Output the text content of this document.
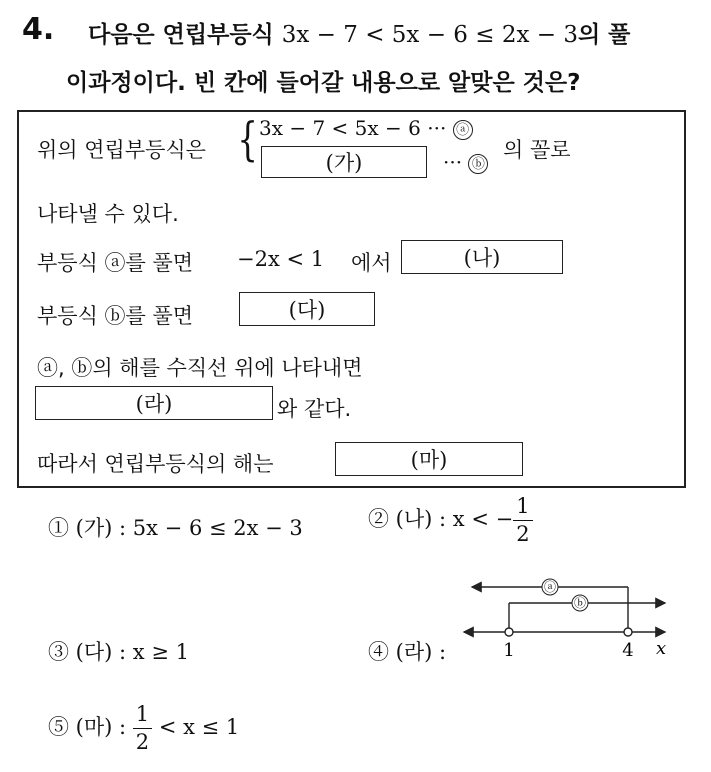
4. 다음은 연립부등식 3x − 7 < 5x − 6 ≤ 2x − 3의 풀
이과정이다. 빈 칸에 들어갈 내용으로 알맞은 것은?
위의 연립부등식은 { 3x − 7 < 5x − 6 ··· ⓐ
(가)	··· ⓑ
의 꼴로
나타낼 수 있다.
부등식 ⓐ를 풀면 −2x < 1 에서	(나)
부등식 ⓑ를 풀면	(다)
ⓐ, ⓑ의 해를 수직선 위에 나타내면
(라)	와 같다.
따라서 연립부등식의 해는	(마)
① (가) : 5x − 6 ≤ 2x − 3	② (나) : x < − $\frac{1}{2}$
③ (다) : x ≥ 1	④ (라) :
ⓐ
ⓑ
1	4 x
⑤ (마) : $\frac{1}{2} < x \le 1$
